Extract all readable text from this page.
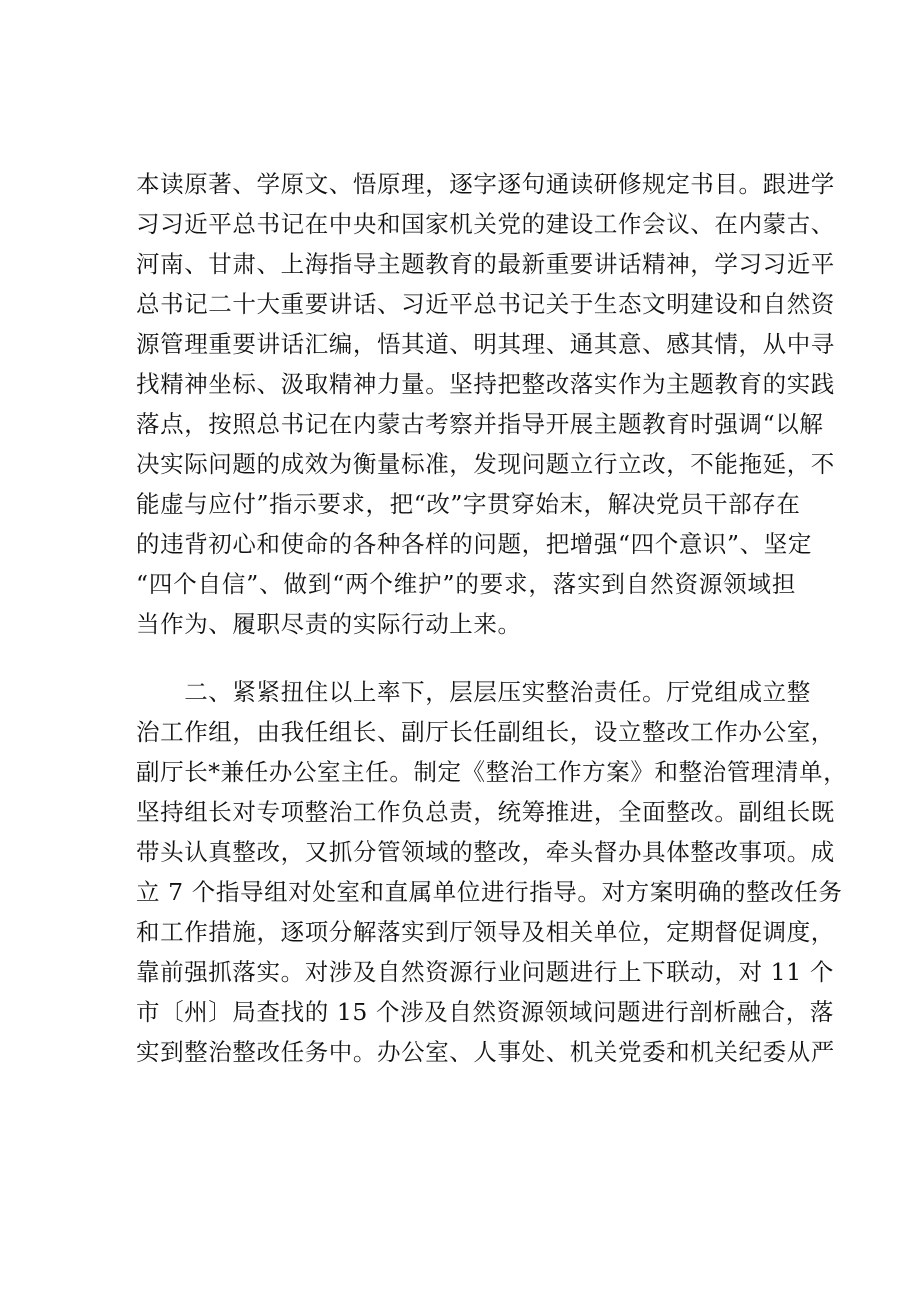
本读原著、学原文、悟原理，逐字逐句通读研修规定书目。跟进学
习习近平总书记在中央和国家机关党的建设工作会议、在内蒙古、
河南、甘肃、上海指导主题教育的最新重要讲话精神，学习习近平
总书记二十大重要讲话、习近平总书记关于生态文明建设和自然资
源管理重要讲话汇编，悟其道、明其理、通其意、感其情，从中寻
找精神坐标、汲取精神力量。坚持把整改落实作为主题教育的实践
落点，按照总书记在内蒙古考察并指导开展主题教育时强调“以解
决实际问题的成效为衡量标准，发现问题立行立改，不能拖延，不
能虚与应付”指示要求，把“改”字贯穿始末，解决党员干部存在
的违背初心和使命的各种各样的问题，把增强“四个意识”、坚定
“四个自信”、做到“两个维护”的要求，落实到自然资源领域担
当作为、履职尽责的实际行动上来。
　　二、紧紧扭住以上率下，层层压实整治责任。厅党组成立整
治工作组，由我任组长、副厅长任副组长，设立整改工作办公室，
副厅长*兼任办公室主任。制定《整治工作方案》和整治管理清单，
坚持组长对专项整治工作负总责，统筹推进，全面整改。副组长既
带头认真整改，又抓分管领域的整改，牵头督办具体整改事项。成
立 7 个指导组对处室和直属单位进行指导。对方案明确的整改任务
和工作措施，逐项分解落实到厅领导及相关单位，定期督促调度，
靠前强抓落实。对涉及自然资源行业问题进行上下联动，对 11 个
市〔州〕局查找的 15 个涉及自然资源领域问题进行剖析融合，落
实到整治整改任务中。办公室、人事处、机关党委和机关纪委从严
